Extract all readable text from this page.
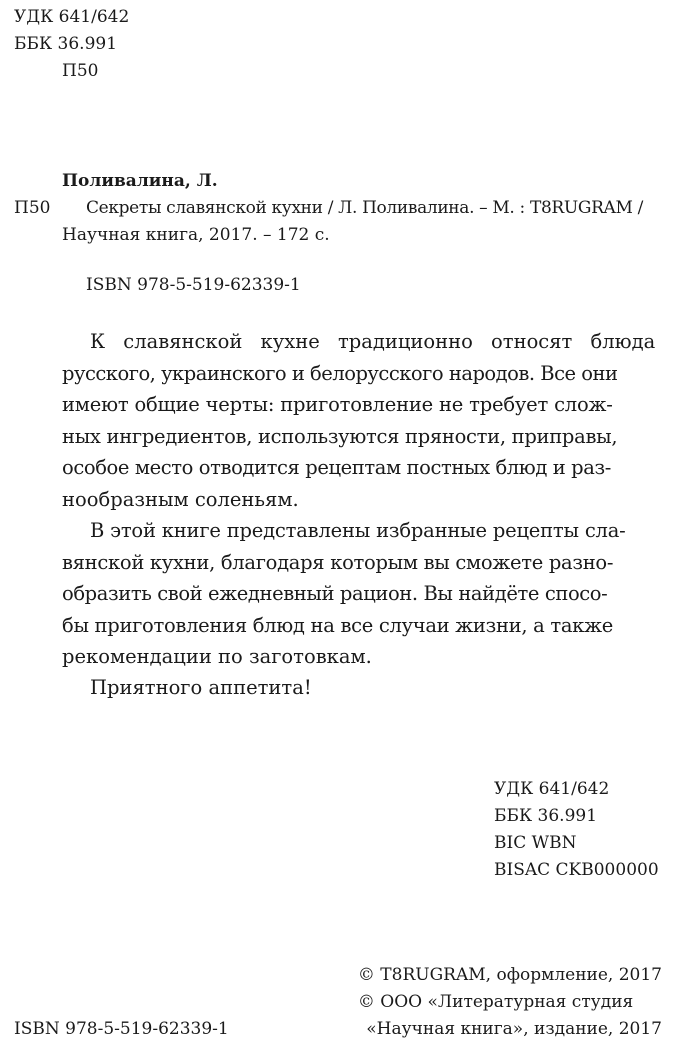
УДК 641/642
ББК 36.991
П50
Поливалина, Л.
П50 Секреты славянской кухни / Л. Поливалина. – М. : T8RUGRAM /
Научная книга, 2017. – 172 с.
ISBN 978-5-519-62339-1
К славянской кухне традиционно относят блюда
русского, украинского и белорусского народов. Все они
имеют общие черты: приготовление не требует слож-
ных ингредиентов, используются пряности, приправы,
особое место отводится рецептам постных блюд и раз-
нообразным соленьям.
В этой книге представлены избранные рецепты сла-
вянской кухни, благодаря которым вы сможете разно-
образить свой ежедневный рацион. Вы найдёте спосо-
бы приготовления блюд на все случаи жизни, а также
рекомендации по заготовкам.
Приятного аппетита!
УДК 641/642
ББК 36.991
BIC WBN
BISAC CKB000000
© T8RUGRAM, оформление, 2017
© ООО «Литературная студия
«Научная книга», издание, 2017
ISBN 978-5-519-62339-1
